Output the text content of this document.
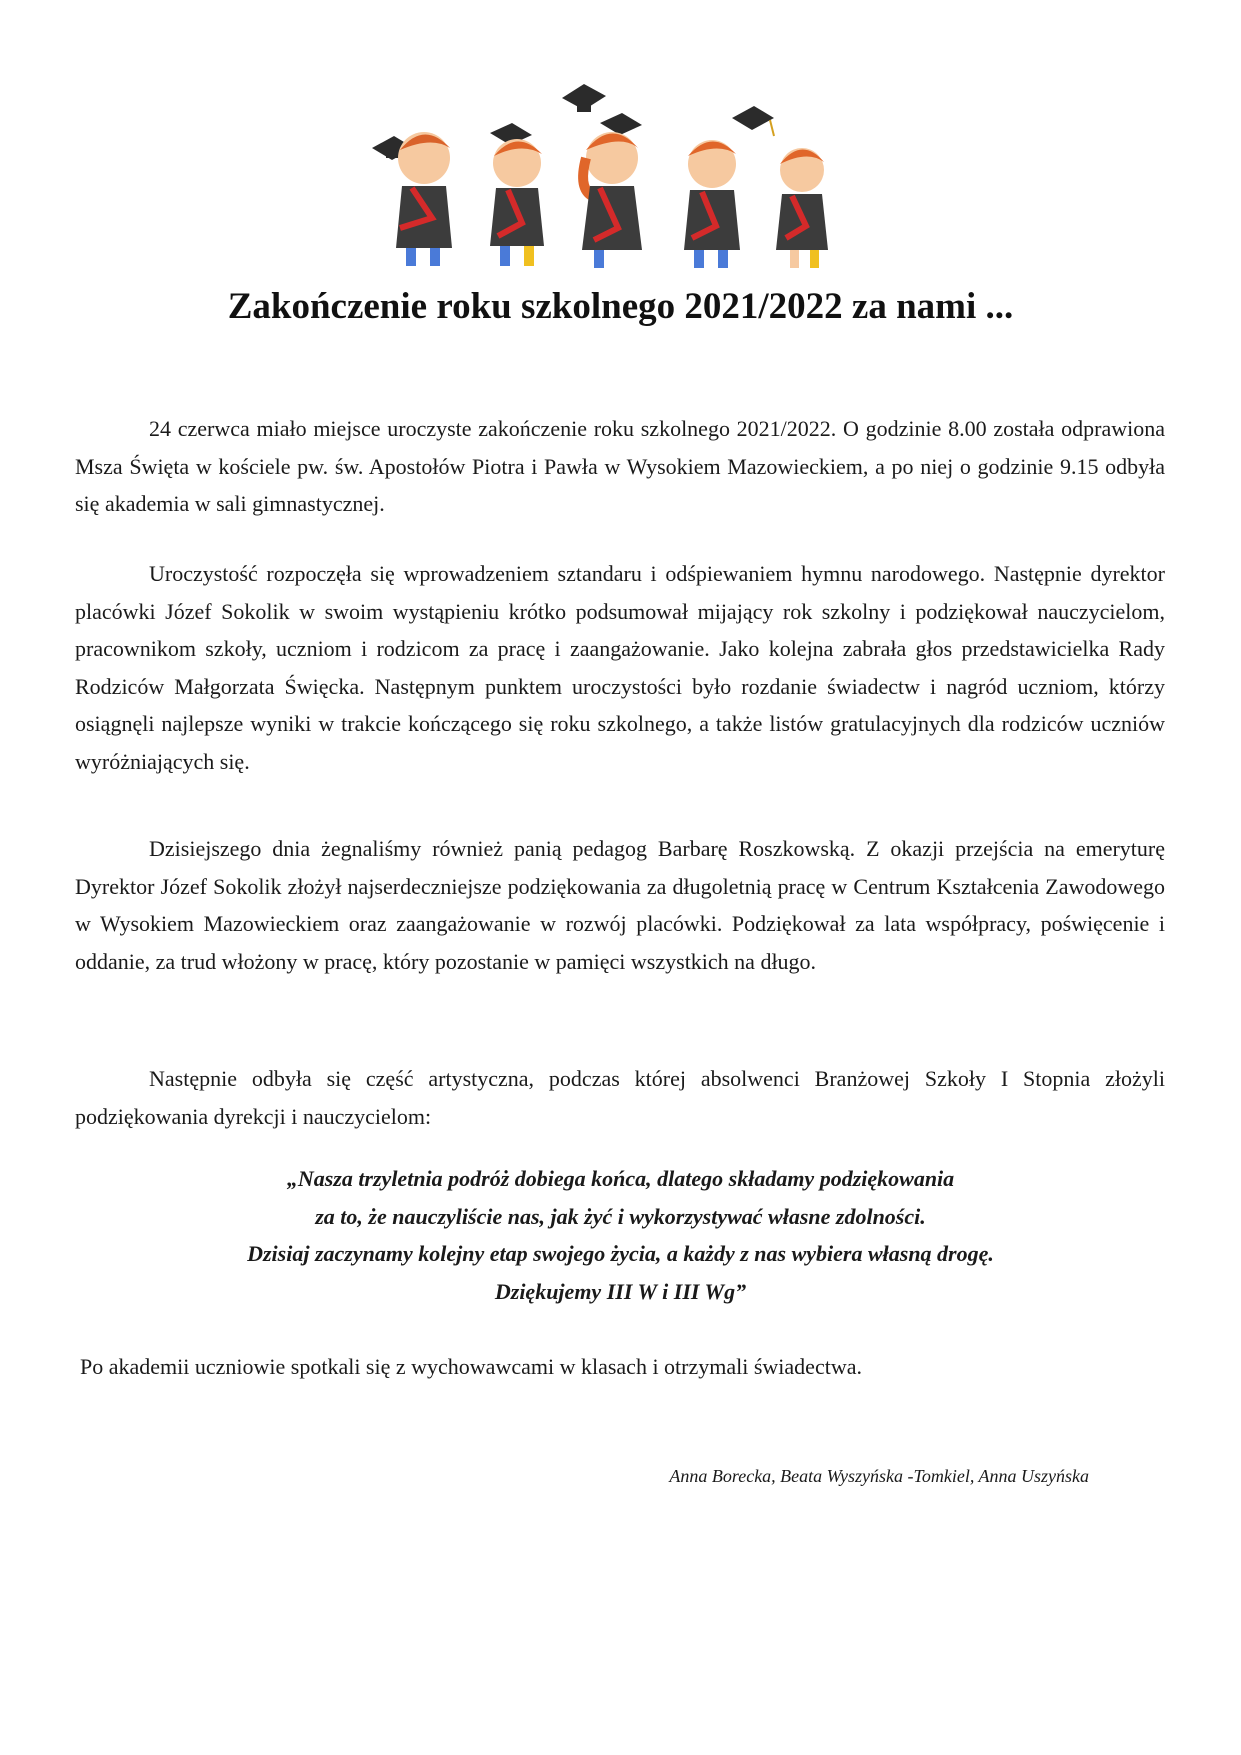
Zakończenie roku szkolnego 2021/2022 za nami ...

24 czerwca miało miejsce uroczyste zakończenie roku szkolnego 2021/2022. O godzinie 8.00 została odprawiona Msza Święta w kościele pw. św. Apostołów Piotra i Pawła w Wysokiem Mazowieckiem, a po niej o godzinie 9.15 odbyła się akademia w sali gimnastycznej.

Uroczystość rozpoczęła się wprowadzeniem sztandaru i odśpiewaniem hymnu narodowego. Następnie dyrektor placówki Józef Sokolik w swoim wystąpieniu krótko podsumował mijający rok szkolny i podziękował nauczycielom, pracownikom szkoły, uczniom i rodzicom za pracę i zaangażowanie. Jako kolejna zabrała głos przedstawicielka Rady Rodziców Małgorzata Święcka. Następnym punktem uroczystości było rozdanie świadectw i nagród uczniom, którzy osiągnęli najlepsze wyniki w trakcie kończącego się roku szkolnego, a także listów gratulacyjnych dla rodziców uczniów wyróżniających się.

Dzisiejszego dnia żegnaliśmy również panią pedagog Barbarę Roszkowską. Z okazji przejścia na emeryturę Dyrektor Józef Sokolik złożył najserdeczniejsze podziękowania za długoletnią pracę w Centrum Kształcenia Zawodowego w Wysokiem Mazowieckiem oraz zaangażowanie w rozwój placówki. Podziękował za lata współpracy, poświęcenie i oddanie, za trud włożony w pracę, który pozostanie w pamięci wszystkich na długo.

Następnie odbyła się część artystyczna, podczas której absolwenci Branżowej Szkoły I Stopnia złożyli podziękowania dyrekcji i nauczycielom:

„Nasza trzyletnia podróż dobiega końca, dlatego składamy podziękowania
za to, że nauczyliście nas, jak żyć i wykorzystywać własne zdolności.
Dzisiaj zaczynamy kolejny etap swojego życia, a każdy z nas wybiera własną drogę.
Dziękujemy III W i III Wg”
Po akademii uczniowie spotkali się z wychowawcami w klasach i otrzymali świadectwa.
Anna Borecka, Beata Wyszyńska -Tomkiel, Anna Uszyńska
